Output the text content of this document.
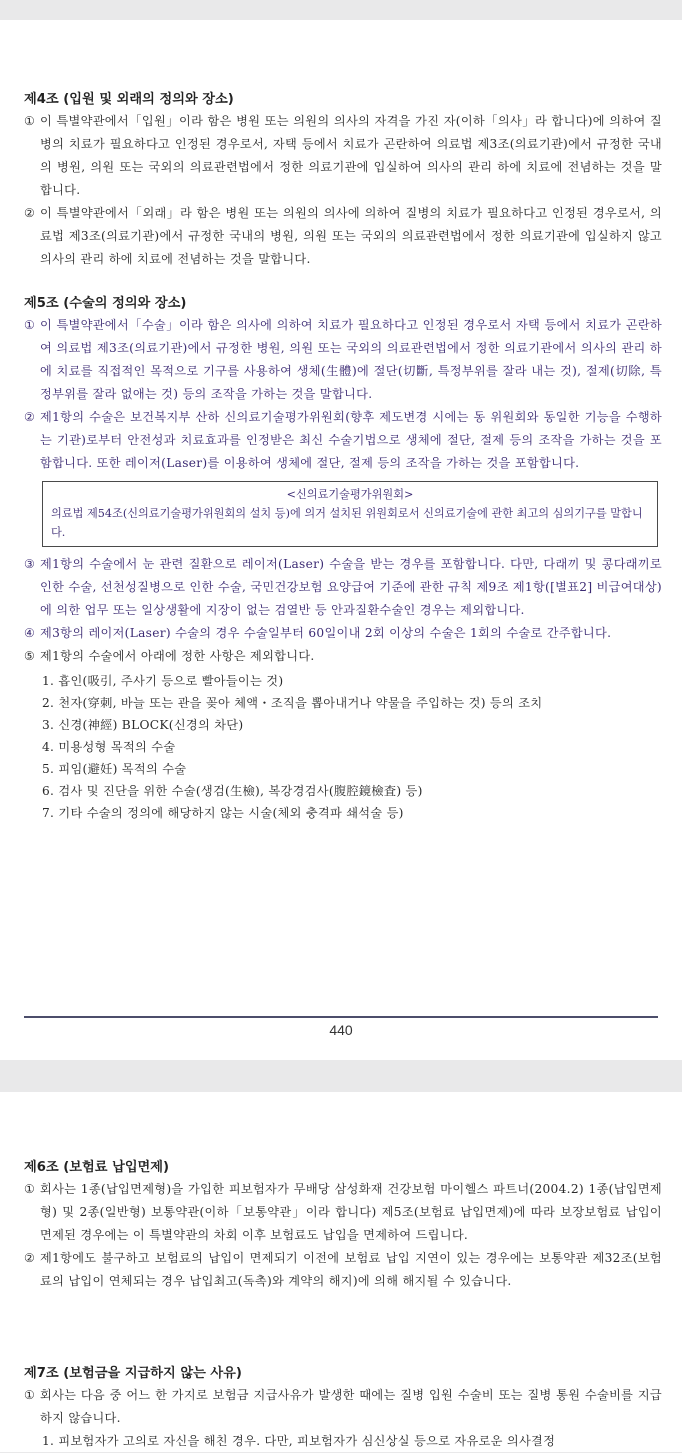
제4조 (입원 및 외래의 정의와 장소)

① 이 특별약관에서「입원」이라 함은 병원 또는 의원의 의사의 자격을 가진 자(이하「의사」라 합니다)에 의하여 질병의 치료가 필요하다고 인정된 경우로서, 자택 등에서 치료가 곤란하여 의료법 제3조(의료기관)에서 규정한 국내의 병원, 의원 또는 국외의 의료관련법에서 정한 의료기관에 입실하여 의사의 관리 하에 치료에 전념하는 것을 말합니다.

② 이 특별약관에서「외래」라 함은 병원 또는 의원의 의사에 의하여 질병의 치료가 필요하다고 인정된 경우로서, 의료법 제3조(의료기관)에서 규정한 국내의 병원, 의원 또는 국외의 의료관련법에서 정한 의료기관에 입실하지 않고 의사의 관리 하에 치료에 전념하는 것을 말합니다.

제5조 (수술의 정의와 장소)

① 이 특별약관에서「수술」이라 함은 의사에 의하여 치료가 필요하다고 인정된 경우로서 자택 등에서 치료가 곤란하여 의료법 제3조(의료기관)에서 규정한 병원, 의원 또는 국외의 의료관련법에서 정한 의료기관에서 의사의 관리 하에 치료를 직접적인 목적으로 기구를 사용하여 생체(生體)에 절단(切斷, 특정부위를 잘라 내는 것), 절제(切除, 특정부위를 잘라 없애는 것) 등의 조작을 가하는 것을 말합니다.

② 제1항의 수술은 보건복지부 산하 신의료기술평가위원회(향후 제도변경 시에는 동 위원회와 동일한 기능을 수행하는 기관)로부터 안전성과 치료효과를 인정받은 최신 수술기법으로 생체에 절단, 절제 등의 조작을 가하는 것을 포함합니다. 또한 레이저(Laser)를 이용하여 생체에 절단, 절제 등의 조작을 가하는 것을 포함합니다.

<신의료기술평가위원회>
의료법 제54조(신의료기술평가위원회의 설치 등)에 의거 설치된 위원회로서 신의료기술에 관한 최고의 심의기구를 말합니다.

③ 제1항의 수술에서 눈 관련 질환으로 레이저(Laser) 수술을 받는 경우를 포함합니다. 다만, 다래끼 및 콩다래끼로 인한 수술, 선천성질병으로 인한 수술, 국민건강보험 요양급여 기준에 관한 규칙 제9조 제1항([별표2] 비급여대상)에 의한 업무 또는 일상생활에 지장이 없는 검열반 등 안과질환수술인 경우는 제외합니다.

④ 제3항의 레이저(Laser) 수술의 경우 수술일부터 60일이내 2회 이상의 수술은 1회의 수술로 간주합니다.

⑤ 제1항의 수술에서 아래에 정한 사항은 제외합니다.

1. 흡인(吸引, 주사기 등으로 빨아들이는 것)
2. 천자(穿刺, 바늘 또는 관을 꽂아 체액・조직을 뽑아내거나 약물을 주입하는 것) 등의 조치
3. 신경(神經) BLOCK(신경의 차단)
4. 미용성형 목적의 수술
5. 피임(避妊) 목적의 수술
6. 검사 및 진단을 위한 수술(생검(生檢), 복강경검사(腹腔鏡檢査) 등)
7. 기타 수술의 정의에 해당하지 않는 시술(체외 충격파 쇄석술 등)
440

제6조 (보험료 납입면제)

① 회사는 1종(납입면제형)을 가입한 피보험자가 무배당 삼성화재 건강보험 마이헬스 파트너(2004.2) 1종(납입면제형) 및 2종(일반형) 보통약관(이하「보통약관」이라 합니다) 제5조(보험료 납입면제)에 따라 보장보험료 납입이 면제된 경우에는 이 특별약관의 차회 이후 보험료도 납입을 면제하여 드립니다.

② 제1항에도 불구하고 보험료의 납입이 면제되기 이전에 보험료 납입 지연이 있는 경우에는 보통약관 제32조(보험료의 납입이 연체되는 경우 납입최고(독촉)와 계약의 해지)에 의해 해지될 수 있습니다.

제7조 (보험금을 지급하지 않는 사유)

① 회사는 다음 중 어느 한 가지로 보험금 지급사유가 발생한 때에는 질병 입원 수술비 또는 질병 통원 수술비를 지급하지 않습니다.

1. 피보험자가 고의로 자신을 해친 경우. 다만, 피보험자가 심신상실 등으로 자유로운 의사결정
